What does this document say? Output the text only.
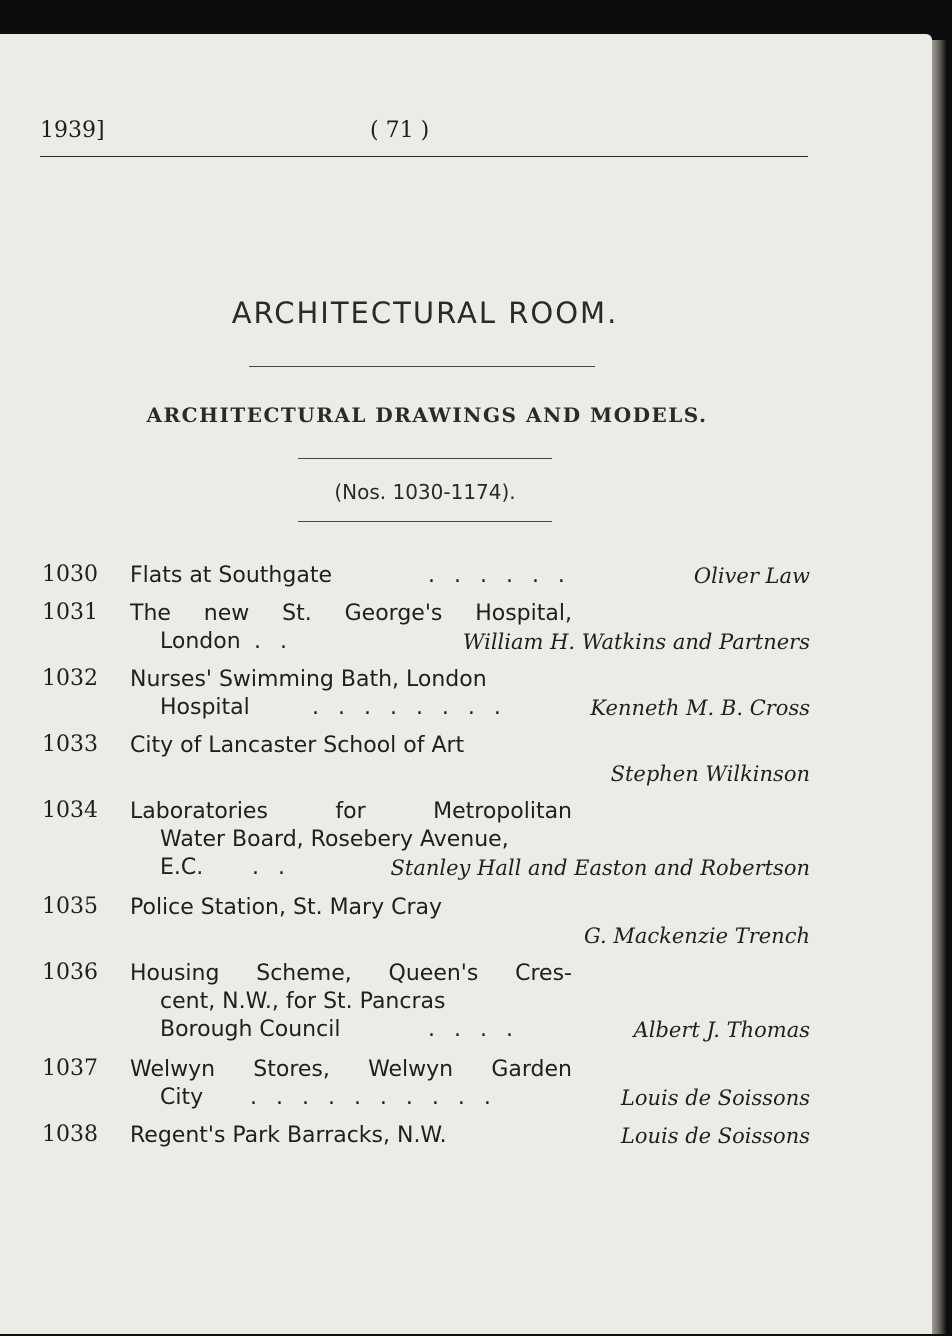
1939]	( 71 )
ARCHITECTURAL ROOM.
ARCHITECTURAL DRAWINGS AND MODELS.
(Nos. 1030-1174).
1030 Flats at Southgate	. . . . . .	Oliver Law
1031 The new St. George's Hospital,
London . .	William H. Watkins and Partners
1032 Nurses' Swimming Bath, London
Hospital	. . . . . . . .	Kenneth M. B. Cross
1033 City of Lancaster School of Art
Stephen Wilkinson
1034 Laboratories	for	Metropolitan
Water Board, Rosebery Avenue,
E.C. . .	Stanley Hall and Easton and Robertson
1035 Police Station, St. Mary Cray
G. Mackenzie Trench
1036 Housing Scheme, Queen's Cres-
cent, N.W., for St. Pancras
Borough Council	. . . .	Albert J. Thomas
1037 Welwyn Stores, Welwyn Garden
City . . . . . . . . . .	Louis de Soissons
1038 Regent's Park Barracks, N.W.	Louis de Soissons
